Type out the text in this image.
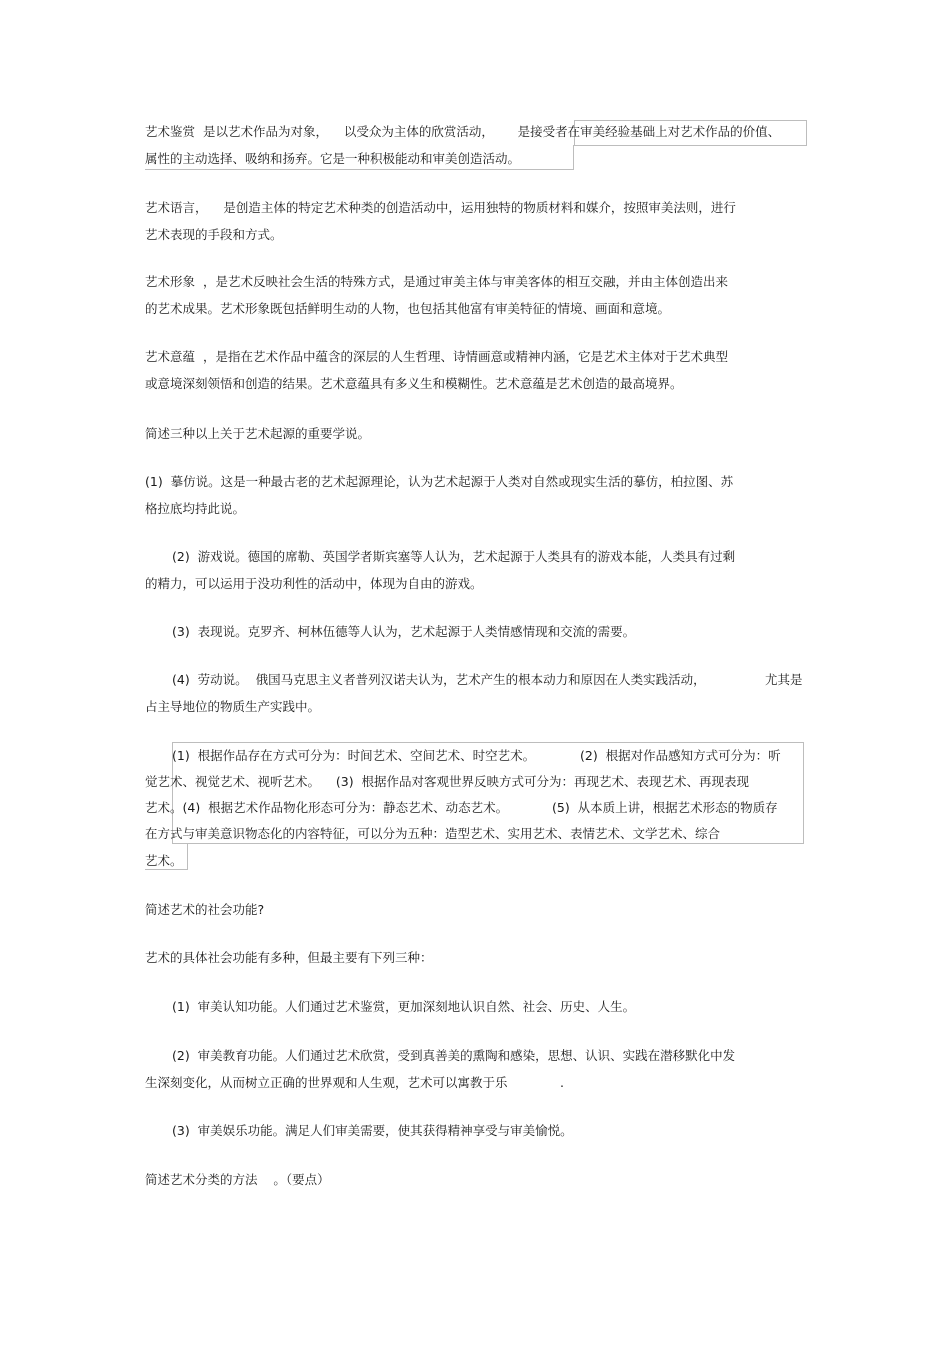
艺术鉴赏  是以艺术作品为对象，    以受众为主体的欣赏活动，      是接受者在审美经验基础上对艺术作品的价值、
属性的主动选择、吸纳和扬弃。它是一种积极能动和审美创造活动。
艺术语言，    是创造主体的特定艺术种类的创造活动中，运用独特的物质材料和媒介，按照审美法则，进行
艺术表现的手段和方式。
艺术形象  ，是艺术反映社会生活的特殊方式，是通过审美主体与审美客体的相互交融，并由主体创造出来
的艺术成果。艺术形象既包括鲜明生动的人物，也包括其他富有审美特征的情境、画面和意境。
艺术意蕴  ，是指在艺术作品中蕴含的深层的人生哲理、诗情画意或精神内涵，它是艺术主体对于艺术典型
或意境深刻领悟和创造的结果。艺术意蕴具有多义生和模糊性。艺术意蕴是艺术创造的最高境界。
简述三种以上关于艺术起源的重要学说。
(1)  摹仿说。这是一种最古老的艺术起源理论，认为艺术起源于人类对自然或现实生活的摹仿，柏拉图、苏
格拉底均持此说。
(2)  游戏说。德国的席勒、英国学者斯宾塞等人认为，艺术起源于人类具有的游戏本能，人类具有过剩
的精力，可以运用于没功利性的活动中，体现为自由的游戏。
(3)  表现说。克罗齐、柯林伍德等人认为，艺术起源于人类情感情现和交流的需要。
(4)  劳动说。  俄国马克思主义者普列汉诺夫认为，艺术产生的根本动力和原因在人类实践活动，	尤其是
占主导地位的物质生产实践中。
(1)  根据作品存在方式可分为：时间艺术、空间艺术、时空艺术。	(2)  根据对作品感知方式可分为：听
觉艺术、视觉艺术、视听艺术。    (3)  根据作品对客观世界反映方式可分为：再现艺术、表现艺术、再现表现
艺术。(4)  根据艺术作品物化形态可分为：静态艺术、动态艺术。	(5)  从本质上讲，根据艺术形态的物质存
在方式与审美意识物态化的内容特征，可以分为五种：造型艺术、实用艺术、表情艺术、文学艺术、综合
艺术。
简述艺术的社会功能?
艺术的具体社会功能有多种，但最主要有下列三种：
(1)  审美认知功能。人们通过艺术鉴赏，更加深刻地认识自然、社会、历史、人生。
(2)  审美教育功能。人们通过艺术欣赏，受到真善美的熏陶和感染，思想、认识、实践在潜移默化中发
生深刻变化，从而树立正确的世界观和人生观，艺术可以寓教于乐	.
(3)  审美娱乐功能。满足人们审美需要，使其获得精神享受与审美愉悦。
简述艺术分类的方法    。（要点）
